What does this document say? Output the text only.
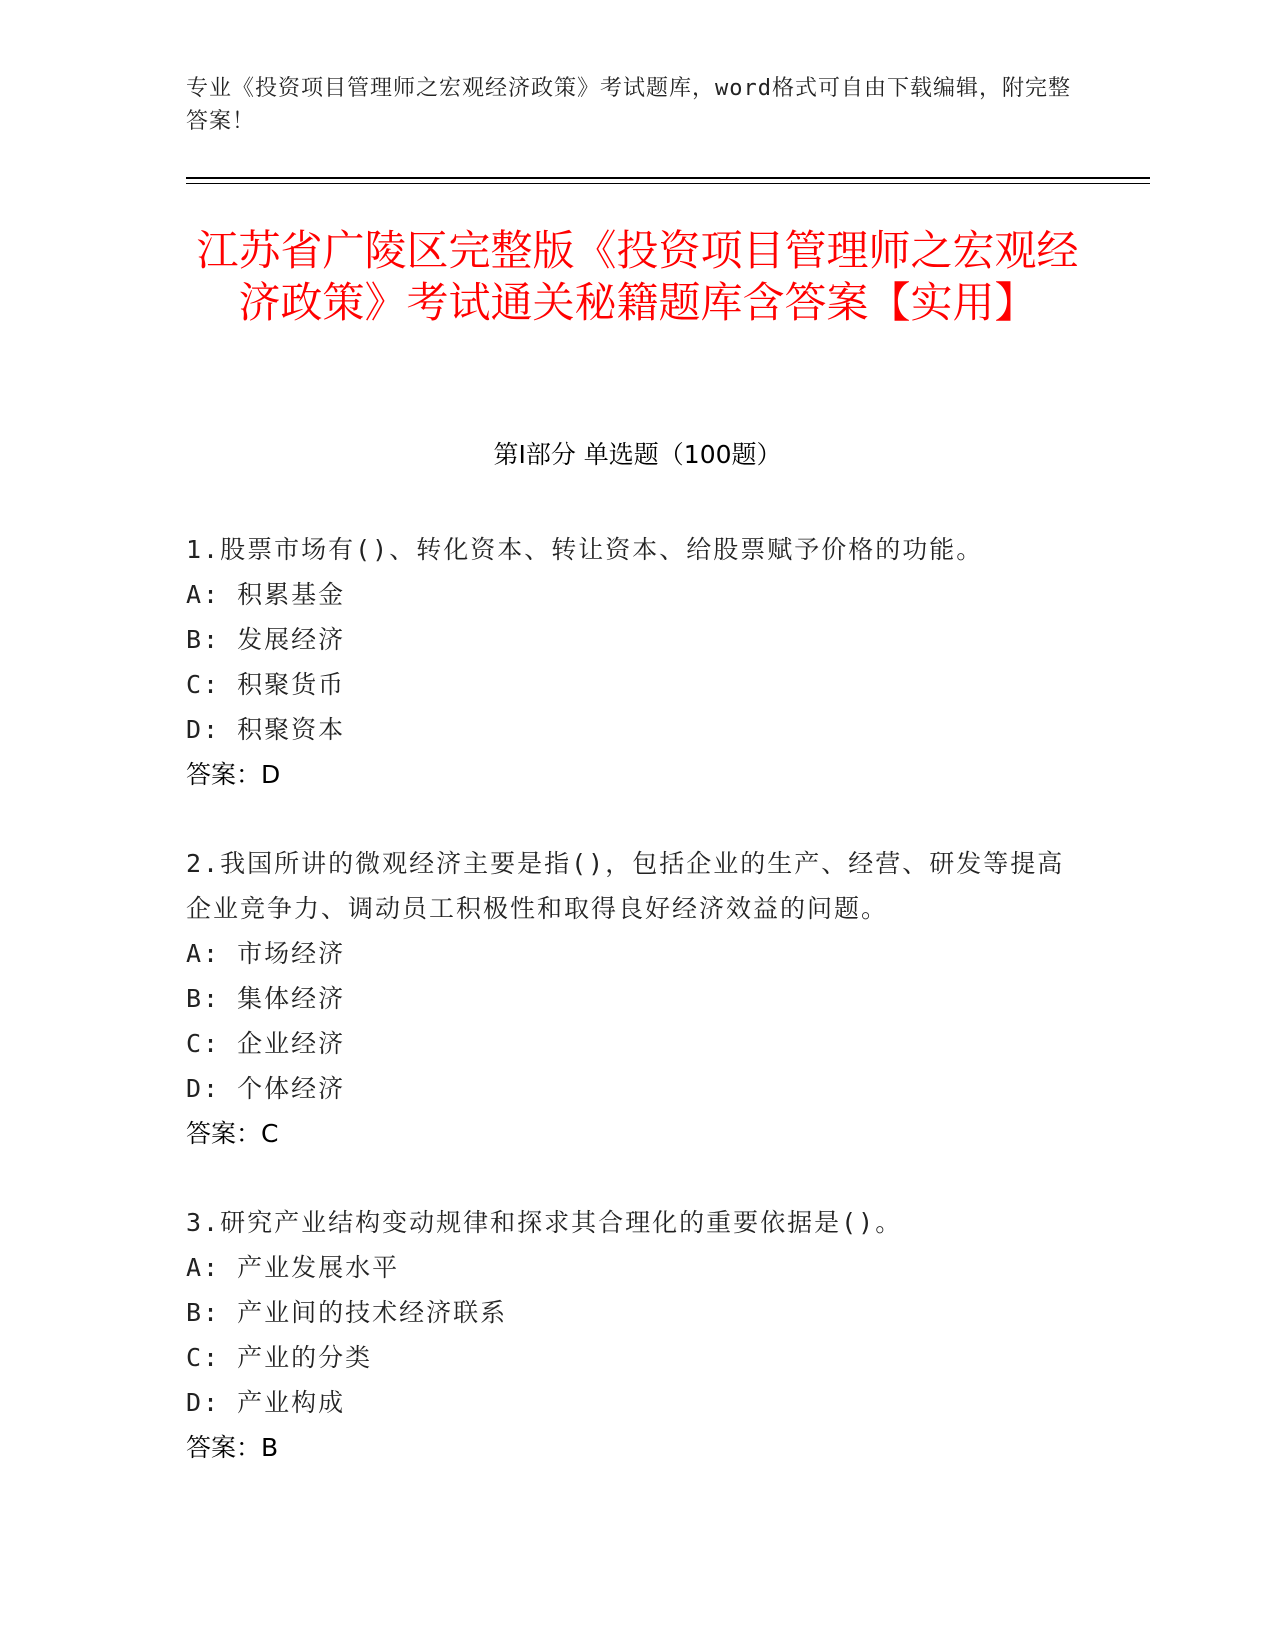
专业《投资项目管理师之宏观经济政策》考试题库，word格式可自由下载编辑，附完整答案！
江苏省广陵区完整版《投资项目管理师之宏观经济政策》考试通关秘籍题库含答案【实用】
第I部分 单选题（100题）
1.股票市场有()、转化资本、转让资本、给股票赋予价格的功能。
A: 积累基金
B: 发展经济
C: 积聚货币
D: 积聚资本
答案：D
2.我国所讲的微观经济主要是指()，包括企业的生产、经营、研发等提高企业竞争力、调动员工积极性和取得良好经济效益的问题。
A: 市场经济
B: 集体经济
C: 企业经济
D: 个体经济
答案：C
3.研究产业结构变动规律和探求其合理化的重要依据是()。
A: 产业发展水平
B: 产业间的技术经济联系
C: 产业的分类
D: 产业构成
答案：B
